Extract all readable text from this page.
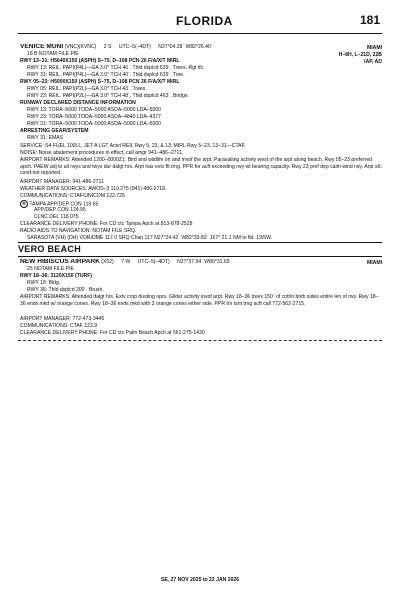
FLORIDA	181
VENICE MUNI (VNC)(KVNC) 2 S UTC–5(–4DT) N27°04.28´ W82°26.40´	MIAMI
18 B NOTAM FILE PIE	H–8H, L–21D, 22B
IAP, AD
RWY 13–31: H5640X150 (ASPH) S–75, D–108 PCN 26 F/A/X/T MIRL
RWY 13: REIL. PAPI(P4L)—GA 3.0° TCH 46´. Thld dsplcd 639´. Trees. Rgt tfc.
RWY 31: REIL. PAPI(P4L)—GA 3.0° TCH 40´. Thld dsplcd 639´. Tree.
RWY 05–23: H5000X150 (ASPH) S–75, D–108 PCN 26 F/A/X/T MIRL
RWY 05: REIL. PAPI(P2L)—GA 3.0° TCH 43´. Trees.
RWY 23: REIL. PAPI(P2L)—GA 3.0° TCH 48´. Thld dsplcd 463´. Bridge.
RUNWAY DECLARED DISTANCE INFORMATION
RWY 13: TORA–5000 TODA–5000 ASDA–5000 LDA–5000
RWY 23: TORA–5000 TODA–5000 ASDA–4840 LDA–4377
RWY 31: TORA–5000 TODA–5000 ASDA–5000 LDA–5000
ARRESTING GEAR/SYSTEM
RWY 31: EMAS
SERVICE: S4 FUEL 100LL, JET A LGT Actvt REIL Rwy 5, 23, & 13; MIRL Rwy 5–23, 13–31—CTAF.
NOISE: Noise abatement procedures in effect, call amgr 941–486–2711.
AIRPORT REMARKS: Attended 1200–0000Z‡. Bird and wildlife on and invof the arpt. Parasailing activity west of the arpt along beach. Rwy 05–23 preferred apch. PAEW adj to all rwys and twys dur dalgt hrs. Arpt has extv flt trng. PPR for acft exceeding rwy wt bearing capacity. Rwy 23 pref dep calm wind rwy. Arpt sfc cond not reported.
AIRPORT MANAGER: 941-486-2711
WEATHER DATA SOURCES: AWOS–3 119.275 (941) 486-2718.
COMMUNICATIONS: CTAF/UNICOM 122.725
R TAMPA APP/DEP CON 119.65
APP/DEP CON 124.95
CLNC DEL 118.075
CLEARANCE DELIVERY PHONE: For CD ctc Tampa Apch at 813-878-2528
RADIO AIDS TO NAVIGATION: NOTAM FILE SRQ.
SARASOTA (VH) (DH) VOR/DME 117.0 SRQ Chan 117 N27°24.42´ W82°33.82´ 167° 21.1 NM to fld. 19/5W.
VERO BEACH
NEW HIBISCUS AIRPARK (X52) 7 W UTC–5(–4DT) N27°37.94´ W80°31.65´	MIAMI
25 NOTAM FILE PIE
RWY 18–36: 3120X150 (TURF)
RWY 18: Bldg.
RWY 36: Thld dsplcd 200´. Brush.
AIRPORT REMARKS: Attended dalgt hrs. Extv crop dusting oprs. Glider activity invof arpt. Rwy 18–36 trees 150´ of cntrln both sides entire len of rwy. Rwy 18–36 ends mkd w/ orange cones. Rwy 18–36 ends mkd with 3 orange cones either side. PPR for tsnt trng acft call 772-562-2715.
AIRPORT MANAGER: 772-473-3446
COMMUNICATIONS: CTAF 122.9
CLEARANCE DELIVERY PHONE: For CD ctc Palm Beach Apch at 561-275-1430
SE, 27 NOV 2025 to 22 JAN 2026
